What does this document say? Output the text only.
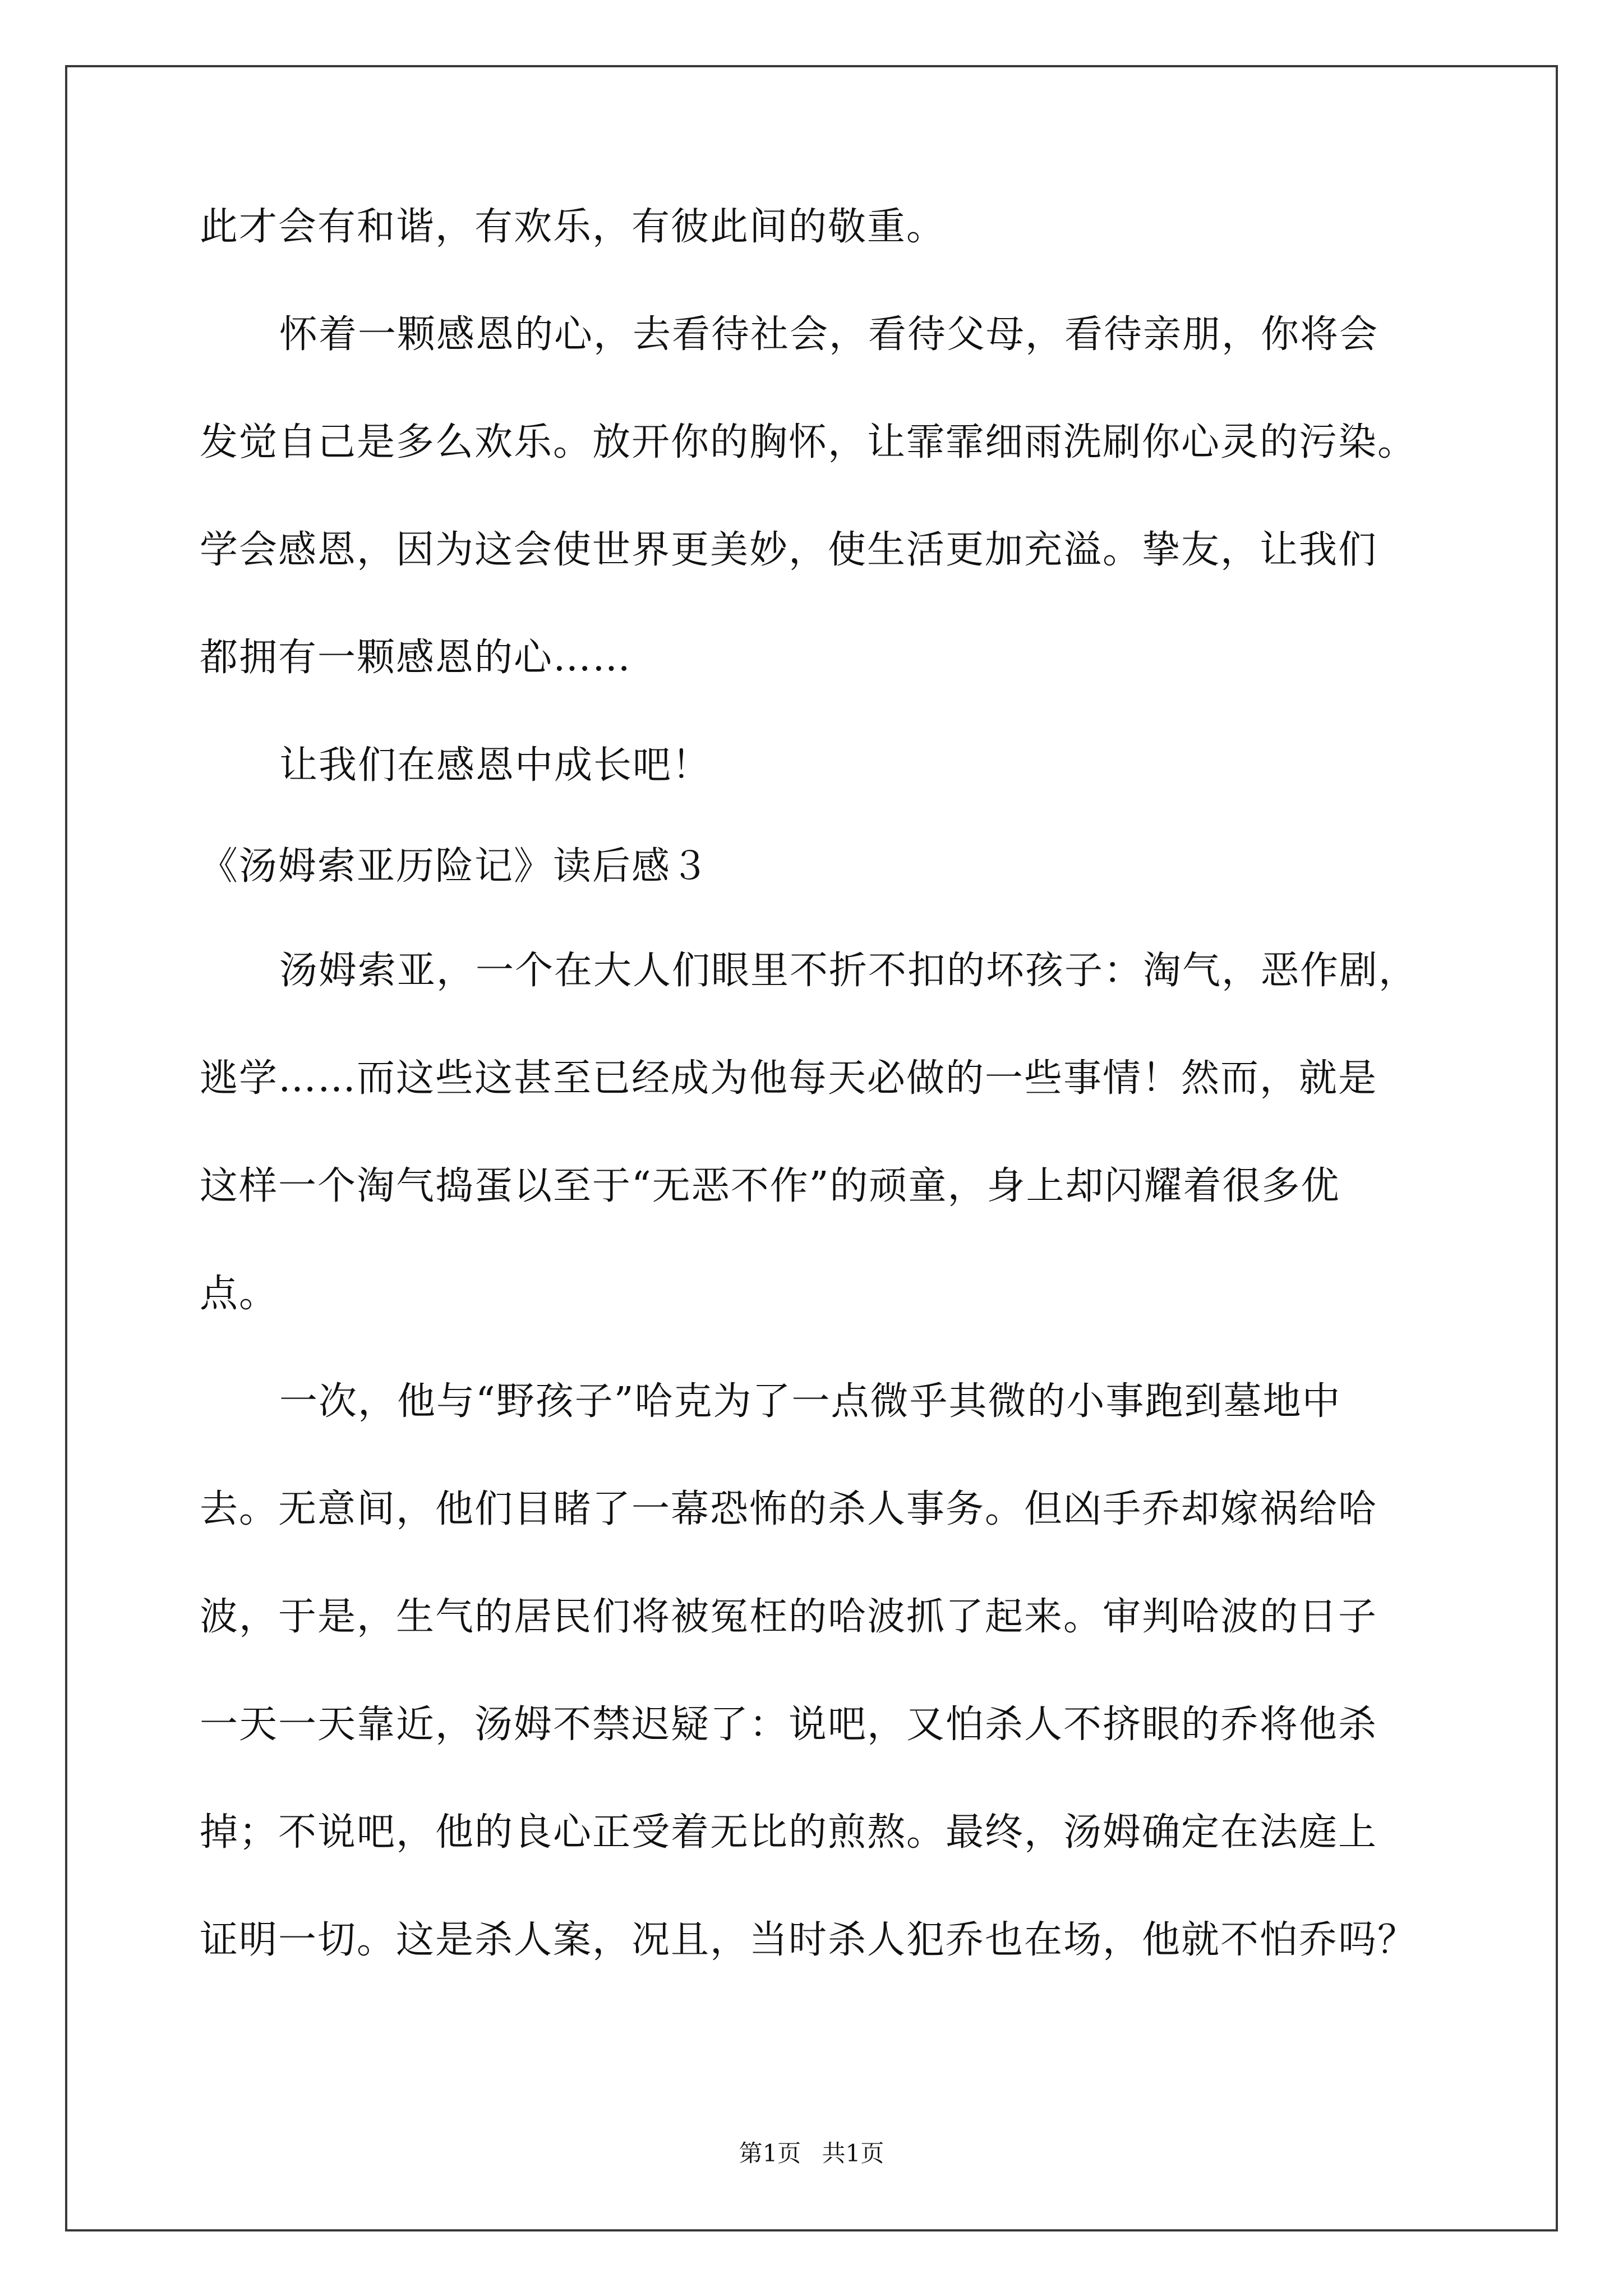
此才会有和谐，有欢乐，有彼此间的敬重。
怀着一颗感恩的心，去看待社会，看待父母，看待亲朋，你将会
发觉自己是多么欢乐。放开你的胸怀，让霏霏细雨洗刷你心灵的污染。
学会感恩，因为这会使世界更美妙，使生活更加充溢。挚友，让我们
都拥有一颗感恩的心……
让我们在感恩中成长吧！
《汤姆索亚历险记》读后感３
汤姆索亚，一个在大人们眼里不折不扣的坏孩子：淘气，恶作剧，
逃学……而这些这甚至已经成为他每天必做的一些事情！然而，就是
这样一个淘气捣蛋以至于“无恶不作”的顽童，身上却闪耀着很多优
点。
一次，他与“野孩子”哈克为了一点微乎其微的小事跑到墓地中
去。无意间，他们目睹了一幕恐怖的杀人事务。但凶手乔却嫁祸给哈
波，于是，生气的居民们将被冤枉的哈波抓了起来。审判哈波的日子
一天一天靠近，汤姆不禁迟疑了：说吧，又怕杀人不挤眼的乔将他杀
掉；不说吧，他的良心正受着无比的煎熬。最终，汤姆确定在法庭上
证明一切。这是杀人案，况且，当时杀人犯乔也在场，他就不怕乔吗？
第1页 共1页
